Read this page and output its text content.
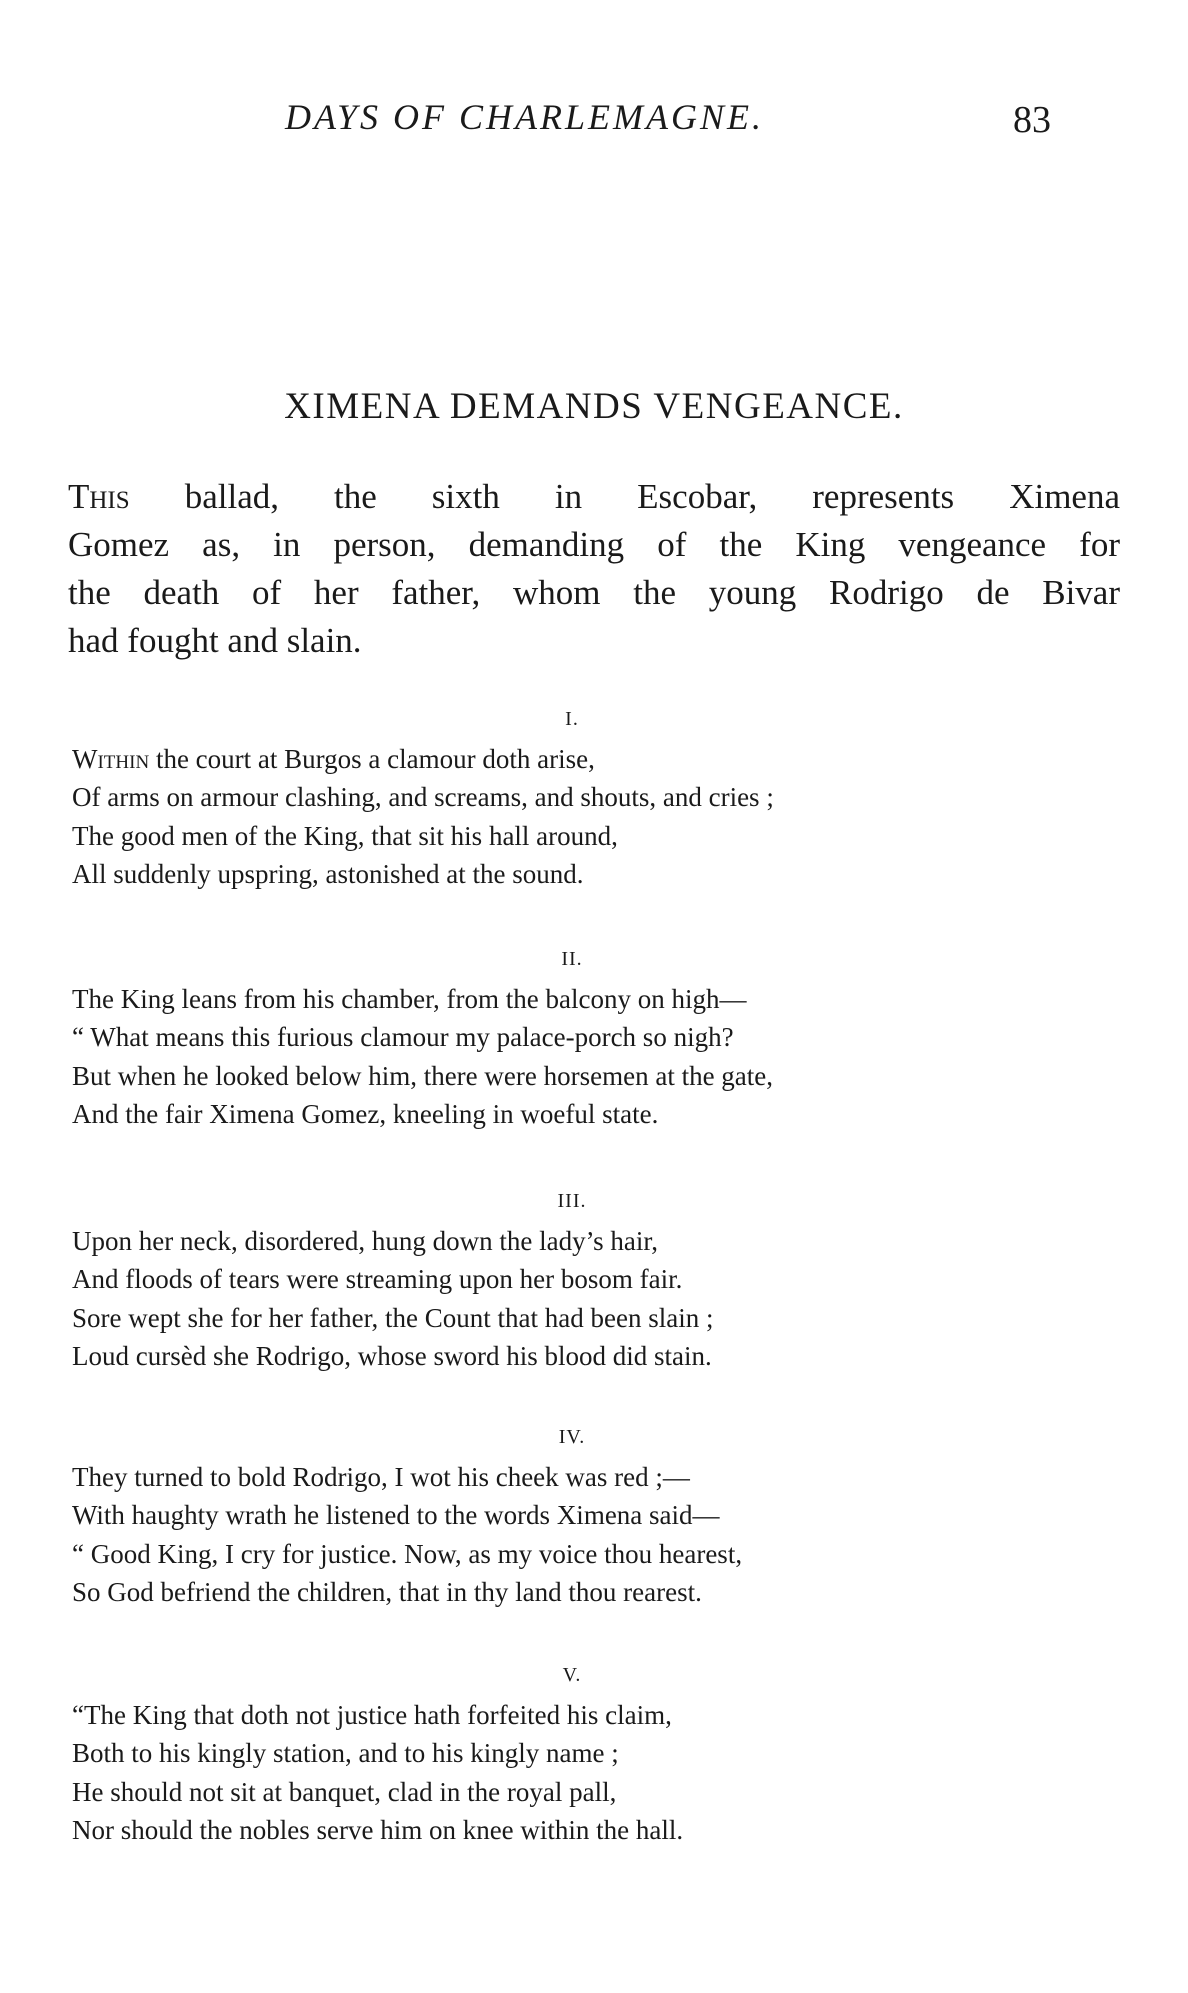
DAYS OF CHARLEMAGNE.	83
XIMENA DEMANDS VENGEANCE.
This ballad, the sixth in Escobar, represents Ximena
Gomez as, in person, demanding of the King vengeance for
the death of her father, whom the young Rodrigo de Bivar
had fought and slain.
I.
Within the court at Burgos a clamour doth arise,
Of arms on armour clashing, and screams, and shouts, and cries ;
The good men of the King, that sit his hall around,
All suddenly upspring, astonished at the sound.
II.
The King leans from his chamber, from the balcony on high—
“ What means this furious clamour my palace-porch so nigh?
But when he looked below him, there were horsemen at the gate,
And the fair Ximena Gomez, kneeling in woeful state.
III.
Upon her neck, disordered, hung down the lady’s hair,
And floods of tears were streaming upon her bosom fair.
Sore wept she for her father, the Count that had been slain ;
Loud cursèd she Rodrigo, whose sword his blood did stain.
IV.
They turned to bold Rodrigo, I wot his cheek was red ;—
With haughty wrath he listened to the words Ximena said—
“ Good King, I cry for justice. Now, as my voice thou hearest,
So God befriend the children, that in thy land thou rearest.
V.
“The King that doth not justice hath forfeited his claim,
Both to his kingly station, and to his kingly name ;
He should not sit at banquet, clad in the royal pall,
Nor should the nobles serve him on knee within the hall.
